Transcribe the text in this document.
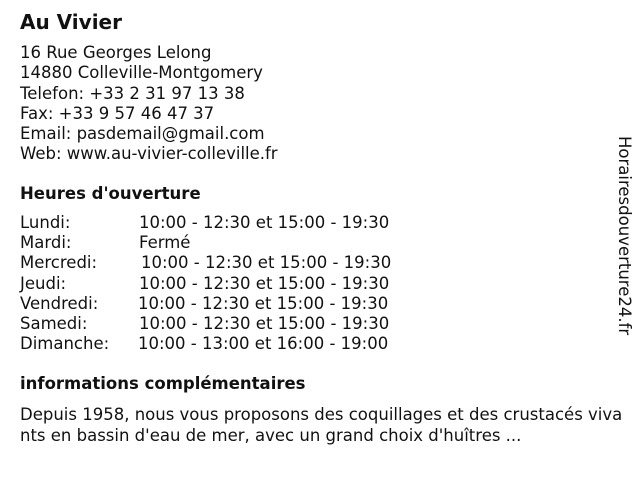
Au Vivier
16 Rue Georges Lelong
14880 Colleville-Montgomery
Telefon: +33 2 31 97 13 38
Fax: +33 9 57 46 47 37
Email: pasdemail@gmail.com
Web: www.au-vivier-colleville.fr
Heures d'ouverture
Lundi:	10:00 - 12:30 et 15:00 - 19:30
Mardi:	Fermé
Mercredi:	10:00 - 12:30 et 15:00 - 19:30
Jeudi:	10:00 - 12:30 et 15:00 - 19:30
Vendredi: 10:00 - 12:30 et 15:00 - 19:30
Samedi:	10:00 - 12:30 et 15:00 - 19:30
Dimanche: 10:00 - 13:00 et 16:00 - 19:00
informations complémentaires
Depuis 1958, nous vous proposons des coquillages et des crustacés vivants en bassin d'eau de mer, avec un grand choix d'huîtres ...
Horairesdouverture24.fr
